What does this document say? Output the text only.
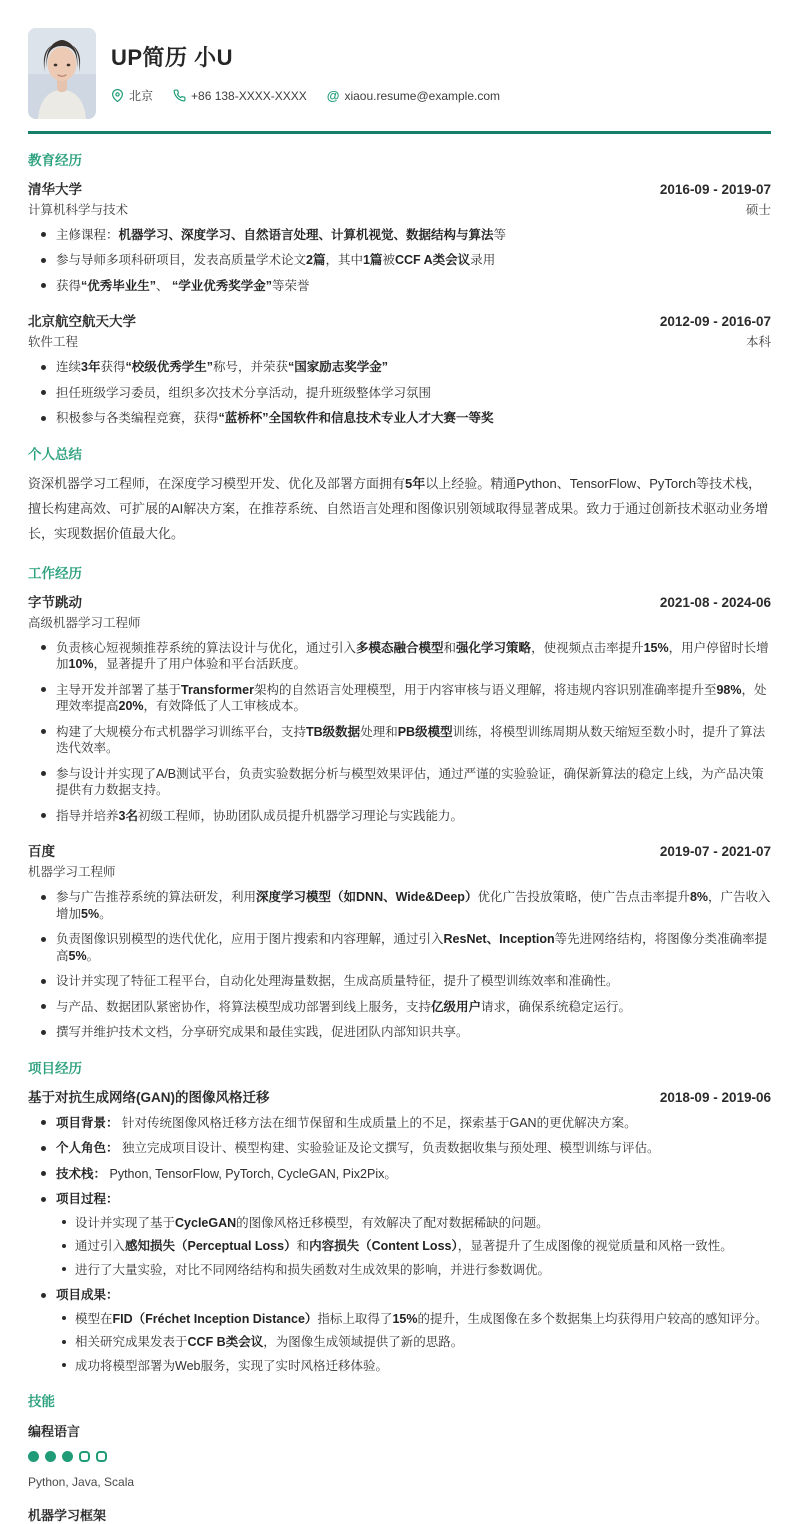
UP简历 小U
北京	+86 138-XXXX-XXXX @ xiaou.resume@example.com
教育经历
清华大学	2016-09 - 2019-07
计算机科学与技术	硕士
主修课程：机器学习、深度学习、自然语言处理、计算机视觉、数据结构与算法等
参与导师多项科研项目，发表高质量学术论文2篇，其中1篇被CCF A类会议录用
获得“优秀毕业生”、 “学业优秀奖学金”等荣誉
北京航空航天大学	2012-09 - 2016-07
软件工程	本科
连续3年获得“校级优秀学生”称号，并荣获“国家励志奖学金”
担任班级学习委员，组织多次技术分享活动，提升班级整体学习氛围
积极参与各类编程竞赛，获得“蓝桥杯”全国软件和信息技术专业人才大赛一等奖
个人总结

资深机器学习工程师，在深度学习模型开发、优化及部署方面拥有5年以上经验。精通Python、TensorFlow、PyTorch等技术栈，擅长构建高效、可扩展的AI解决方案，在推荐系统、自然语言处理和图像识别领域取得显著成果。致力于通过创新技术驱动业务增长，实现数据价值最大化。

工作经历
字节跳动	2021-08 - 2024-06
高级机器学习工程师
负责核心短视频推荐系统的算法设计与优化，通过引入多模态融合模型和强化学习策略，使视频点击率提升15%，用户停留时长增加10%，显著提升了用户体验和平台活跃度。
主导开发并部署了基于Transformer架构的自然语言处理模型，用于内容审核与语义理解，将违规内容识别准确率提升至98%，处理效率提高20%，有效降低了人工审核成本。
构建了大规模分布式机器学习训练平台，支持TB级数据处理和PB级模型训练，将模型训练周期从数天缩短至数小时，提升了算法迭代效率。
参与设计并实现了A/B测试平台，负责实验数据分析与模型效果评估，通过严谨的实验验证，确保新算法的稳定上线，为产品决策提供有力数据支持。
指导并培养3名初级工程师，协助团队成员提升机器学习理论与实践能力。
百度	2019-07 - 2021-07
机器学习工程师
参与广告推荐系统的算法研发，利用深度学习模型（如DNN、Wide&Deep）优化广告投放策略，使广告点击率提升8%，广告收入增加5%。
负责图像识别模型的迭代优化，应用于图片搜索和内容理解，通过引入ResNet、Inception等先进网络结构，将图像分类准确率提高5%。
设计并实现了特征工程平台，自动化处理海量数据，生成高质量特征，提升了模型训练效率和准确性。
与产品、数据团队紧密协作，将算法模型成功部署到线上服务，支持亿级用户请求，确保系统稳定运行。
撰写并维护技术文档，分享研究成果和最佳实践，促进团队内部知识共享。
项目经历
基于对抗生成网络(GAN)的图像风格迁移	2018-09 - 2019-06
项目背景： 针对传统图像风格迁移方法在细节保留和生成质量上的不足，探索基于GAN的更优解决方案。
个人角色： 独立完成项目设计、模型构建、实验验证及论文撰写，负责数据收集与预处理、模型训练与评估。
技术栈： Python, TensorFlow, PyTorch, CycleGAN, Pix2Pix。
项目过程：
设计并实现了基于CycleGAN的图像风格迁移模型，有效解决了配对数据稀缺的问题。
通过引入感知损失（Perceptual Loss）和内容损失（Content Loss），显著提升了生成图像的视觉质量和风格一致性。
进行了大量实验，对比不同网络结构和损失函数对生成效果的影响，并进行参数调优。
项目成果：
模型在FID（Fréchet Inception Distance）指标上取得了15%的提升，生成图像在多个数据集上均获得用户较高的感知评分。
相关研究成果发表于CCF B类会议，为图像生成领域提供了新的思路。
成功将模型部署为Web服务，实现了实时风格迁移体验。
技能
编程语言
Python, Java, Scala
机器学习框架
